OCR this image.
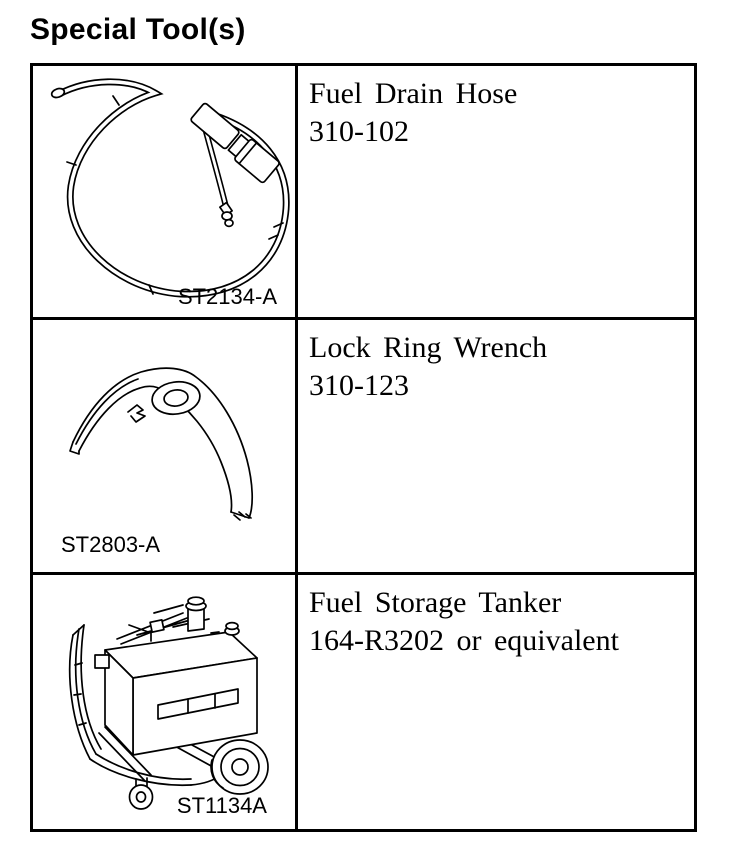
Special Tool(s)
ST2134-A
Fuel Drain Hose
310-102
ST2803-A
Lock Ring Wrench
310-123
ST1134A
Fuel Storage Tanker
164-R3202 or equivalent
